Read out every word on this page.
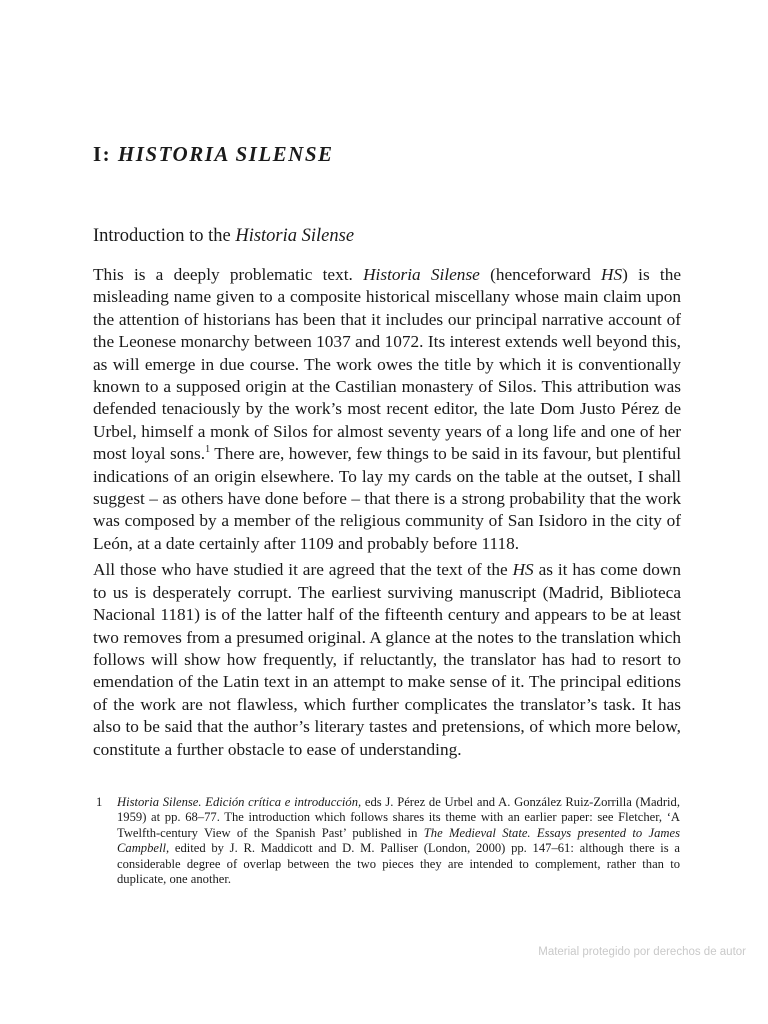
I: HISTORIA SILENSE
Introduction to the Historia Silense

This is a deeply problematic text. Historia Silense (henceforward HS) is the misleading name given to a composite historical miscellany whose main claim upon the attention of historians has been that it includes our principal narrative account of the Leonese monarchy between 1037 and 1072. Its interest extends well beyond this, as will emerge in due course. The work owes the title by which it is conventionally known to a supposed origin at the Castilian monastery of Silos. This attribution was defended tenaciously by the work’s most recent editor, the late Dom Justo Pérez de Urbel, himself a monk of Silos for almost seventy years of a long life and one of her most loyal sons.$^1$ There are, however, few things to be said in its favour, but plentiful indications of an origin elsewhere. To lay my cards on the table at the outset, I shall suggest – as others have done before – that there is a strong probability that the work was composed by a member of the religious community of San Isidoro in the city of León, at a date certainly after 1109 and probably before 1118.

All those who have studied it are agreed that the text of the HS as it has come down to us is desperately corrupt. The earliest surviving manuscript (Madrid, Biblioteca Nacional 1181) is of the latter half of the fifteenth century and appears to be at least two removes from a presumed original. A glance at the notes to the translation which follows will show how frequently, if reluctantly, the translator has had to resort to emendation of the Latin text in an attempt to make sense of it. The principal editions of the work are not flawless, which further complicates the translator’s task. It has also to be said that the author’s literary tastes and pretensions, of which more below, constitute a further obstacle to ease of understanding.

1 Historia Silense. Edición crítica e introducción, eds J. Pérez de Urbel and A. González Ruiz-Zorrilla (Madrid, 1959) at pp. 68–77. The introduction which follows shares its theme with an earlier paper: see Fletcher, ‘A Twelfth-century View of the Spanish Past’ published in The Medieval State. Essays presented to James Campbell, edited by J. R. Maddicott and D. M. Palliser (London, 2000) pp. 147–61: although there is a considerable degree of overlap between the two pieces they are intended to complement, rather than to duplicate, one another.

Material protegido por derechos de autor
